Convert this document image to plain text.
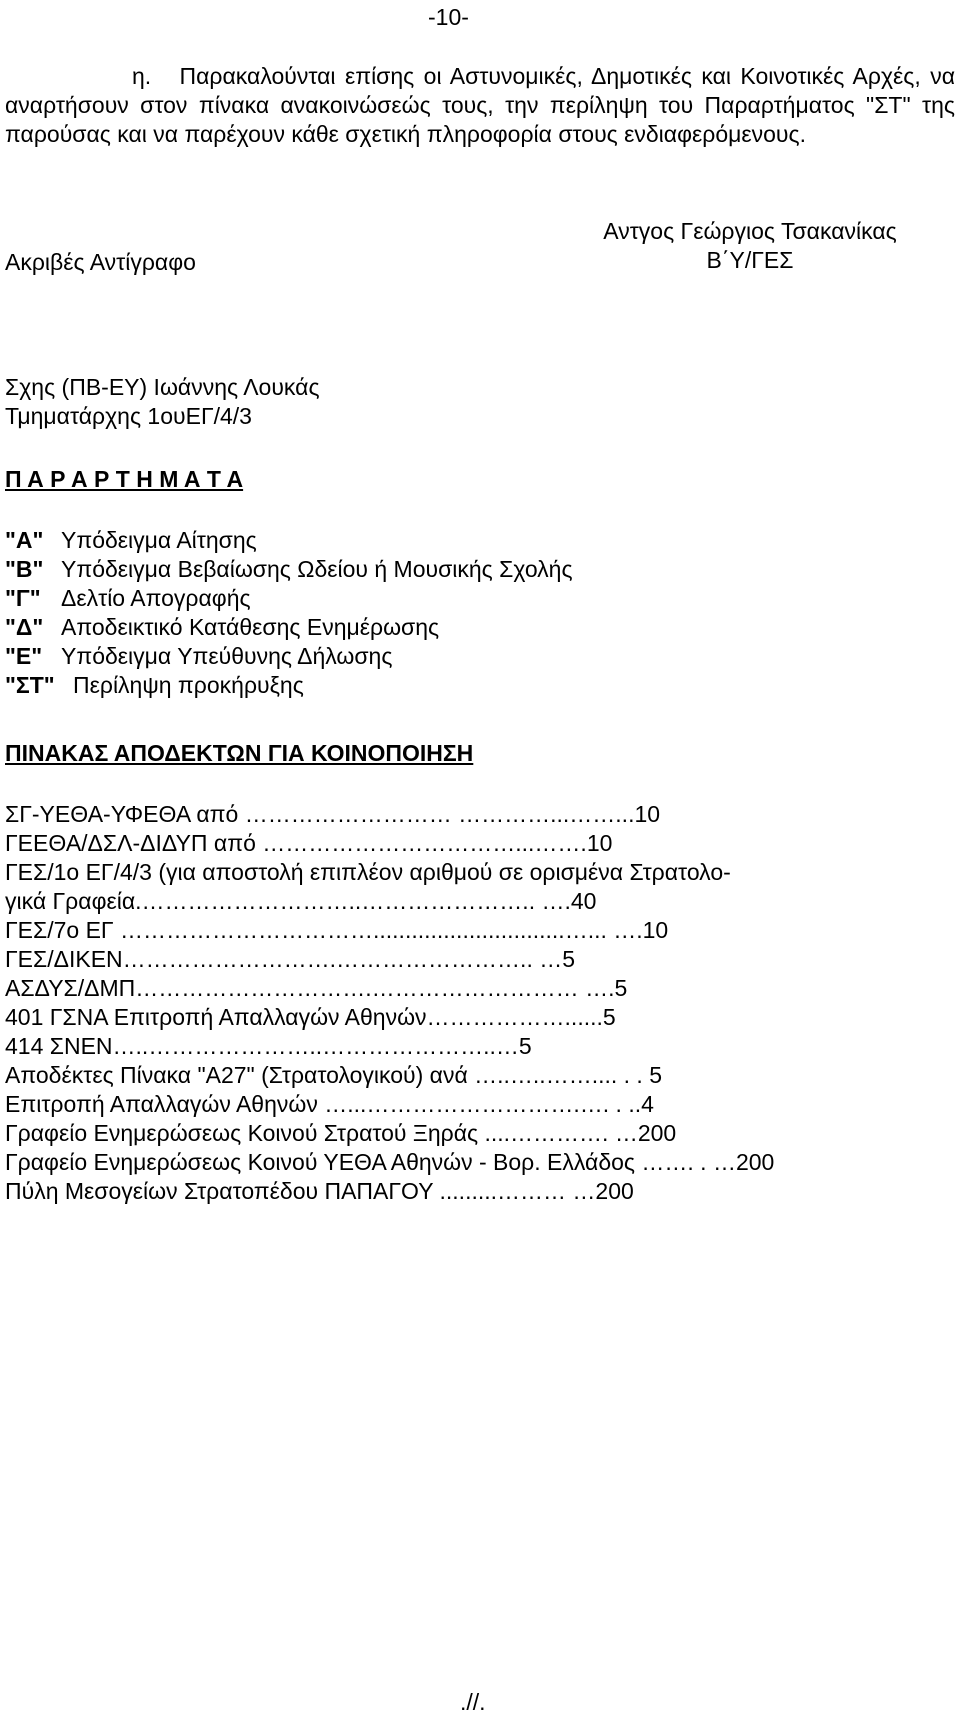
-10-
η. Παρακαλούνται επίσης οι Αστυνομικές, Δημοτικές και Κοινοτικές Αρχές, να αναρτήσουν στον πίνακα ανακοινώσεώς τους, την περίληψη του Παραρτήματος "ΣΤ" της παρούσας και να παρέχουν κάθε σχετική πληροφορία στους ενδιαφερόμενους.
Αντγος Γεώργιος Τσακανίκας
Ακριβές Αντίγραφο	Β΄Υ/ΓΕΣ
Σχης (ΠΒ-ΕΥ) Ιωάννης Λουκάς
Τμηματάρχης 1ουΕΓ/4/3
Π Α Ρ Α Ρ Τ Η Μ Α Τ Α
"Α" Υπόδειγμα Αίτησης
"Β" Υπόδειγμα Βεβαίωσης Ωδείου ή Μουσικής Σχολής
"Γ" Δελτίο Απογραφής
"Δ" Αποδεικτικό Κατάθεσης Ενημέρωσης
"Ε" Υπόδειγμα Υπεύθυνης Δήλωσης
"ΣΤ" Περίληψη προκήρυξης
ΠΙΝΑΚΑΣ ΑΠΟΔΕΚΤΩΝ ΓΙΑ ΚΟΙΝΟΠΟΙΗΣΗ
ΣΓ-ΥΕΘΑ-ΥΦΕΘΑ από ……………………… …………...……...10
ΓΕΕΘΑ/ΔΣΛ-ΔΙΔΥΠ από ……………………………...…….10
ΓΕΣ/1ο ΕΓ/4/3 (για αποστολή επιπλέον αριθμού σε ορισμένα Στρατολο-
γικά Γραφεία.………………………..………………….. ….40
ΓΕΣ/7ο ΕΓ ……………………………..............................…... ….10
ΓΕΣ/ΔΙΚΕΝ……………………….…………………….. …5
ΑΣΔΥΣ/ΔΜΠ………………………….……………………… ….5
401 ΓΣΝΑ Επιτροπή Απαλλαγών Αθηνών………………......5
414 ΣΝΕΝ…..…………………..…………………..…5
Αποδέκτες Πίνακα "Α27" (Στρατολογικού) ανά …..…..…….... . . 5
Επιτροπή Απαλλαγών Αθηνών …...……………………….…. . ..4
Γραφείο Ενημερώσεως Κοινού Στρατού Ξηράς ....…………. …200
Γραφείο Ενημερώσεως Κοινού ΥΕΘΑ Αθηνών - Βορ. Ελλάδος ……. . …200
Πύλη Μεσογείων Στρατοπέδου ΠΑΠΑΓΟΥ .........……… …200
.//.
